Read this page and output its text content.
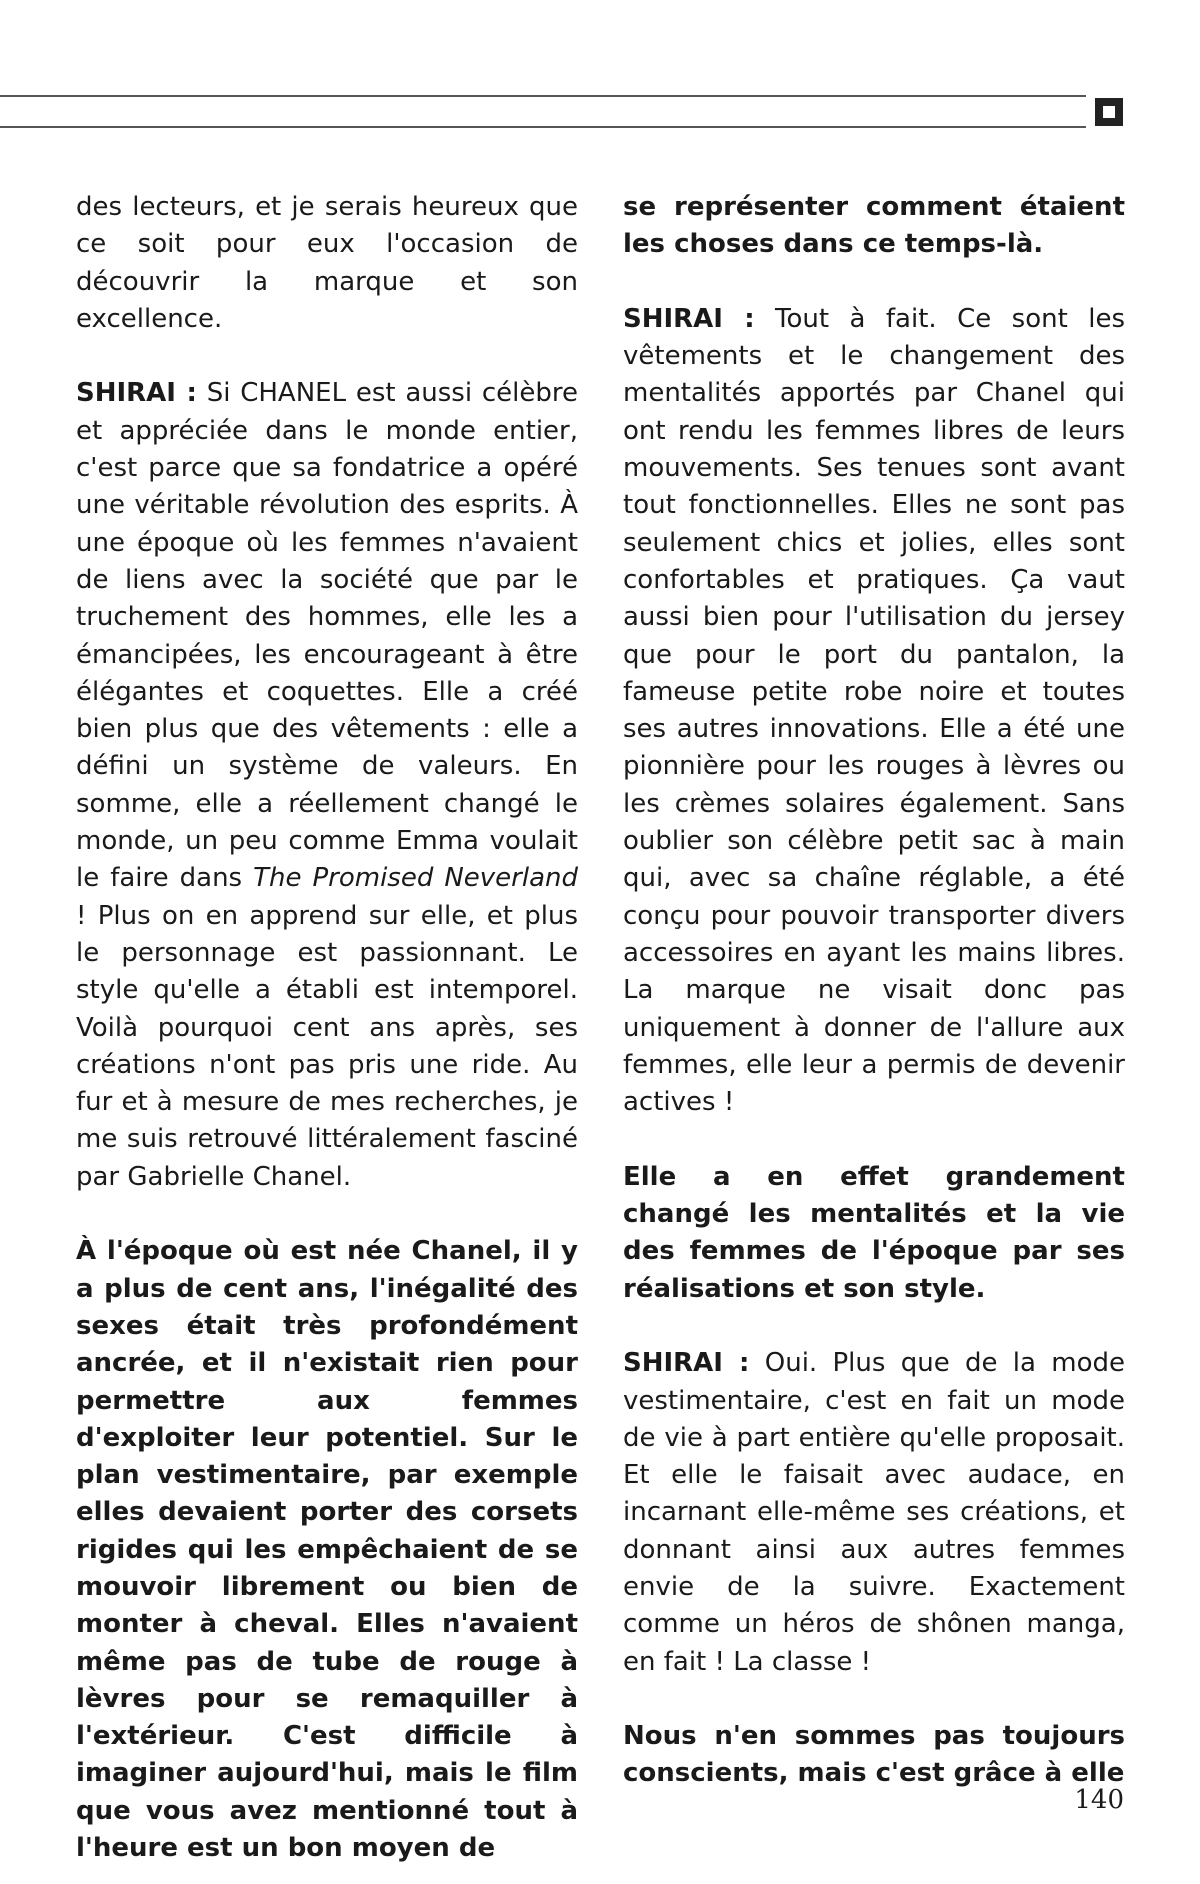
des lecteurs, et je serais heureux que ce soit pour eux l'occasion de découvrir la marque et son excellence.

SHIRAI : Si CHANEL est aussi célèbre et appréciée dans le monde entier, c'est parce que sa fondatrice a opéré une véritable révolution des esprits. À une époque où les femmes n'avaient de liens avec la société que par le truchement des hommes, elle les a émancipées, les encourageant à être élégantes et coquettes. Elle a créé bien plus que des vêtements : elle a défini un système de valeurs. En somme, elle a réellement changé le monde, un peu comme Emma voulait le faire dans The Promised Neverland ! Plus on en apprend sur elle, et plus le personnage est passionnant. Le style qu'elle a établi est intemporel. Voilà pourquoi cent ans après, ses créations n'ont pas pris une ride. Au fur et à mesure de mes recherches, je me suis retrouvé littéralement fasciné par Gabrielle Chanel.

À l'époque où est née Chanel, il y a plus de cent ans, l'inégalité des sexes était très profondément ancrée, et il n'existait rien pour permettre aux femmes d'exploiter leur potentiel. Sur le plan vestimentaire, par exemple elles devaient porter des corsets rigides qui les empêchaient de se mouvoir librement ou bien de monter à cheval. Elles n'avaient même pas de tube de rouge à lèvres pour se remaquiller à l'extérieur. C'est difficile à imaginer aujourd'hui, mais le film que vous avez mentionné tout à l'heure est un bon moyen de

se représenter comment étaient les choses dans ce temps-là.

SHIRAI : Tout à fait. Ce sont les vêtements et le changement des mentalités apportés par Chanel qui ont rendu les femmes libres de leurs mouvements. Ses tenues sont avant tout fonctionnelles. Elles ne sont pas seulement chics et jolies, elles sont confortables et pratiques. Ça vaut aussi bien pour l'utilisation du jersey que pour le port du pantalon, la fameuse petite robe noire et toutes ses autres innovations. Elle a été une pionnière pour les rouges à lèvres ou les crèmes solaires également. Sans oublier son célèbre petit sac à main qui, avec sa chaîne réglable, a été conçu pour pouvoir transporter divers accessoires en ayant les mains libres. La marque ne visait donc pas uniquement à donner de l'allure aux femmes, elle leur a permis de devenir actives !

Elle a en effet grandement changé les mentalités et la vie des femmes de l'époque par ses réalisations et son style.

SHIRAI : Oui. Plus que de la mode vestimentaire, c'est en fait un mode de vie à part entière qu'elle proposait. Et elle le faisait avec audace, en incarnant elle-même ses créations, et donnant ainsi aux autres femmes envie de la suivre. Exactement comme un héros de shônen manga, en fait ! La classe !

Nous n'en sommes pas toujours conscients, mais c'est grâce à elle

140
